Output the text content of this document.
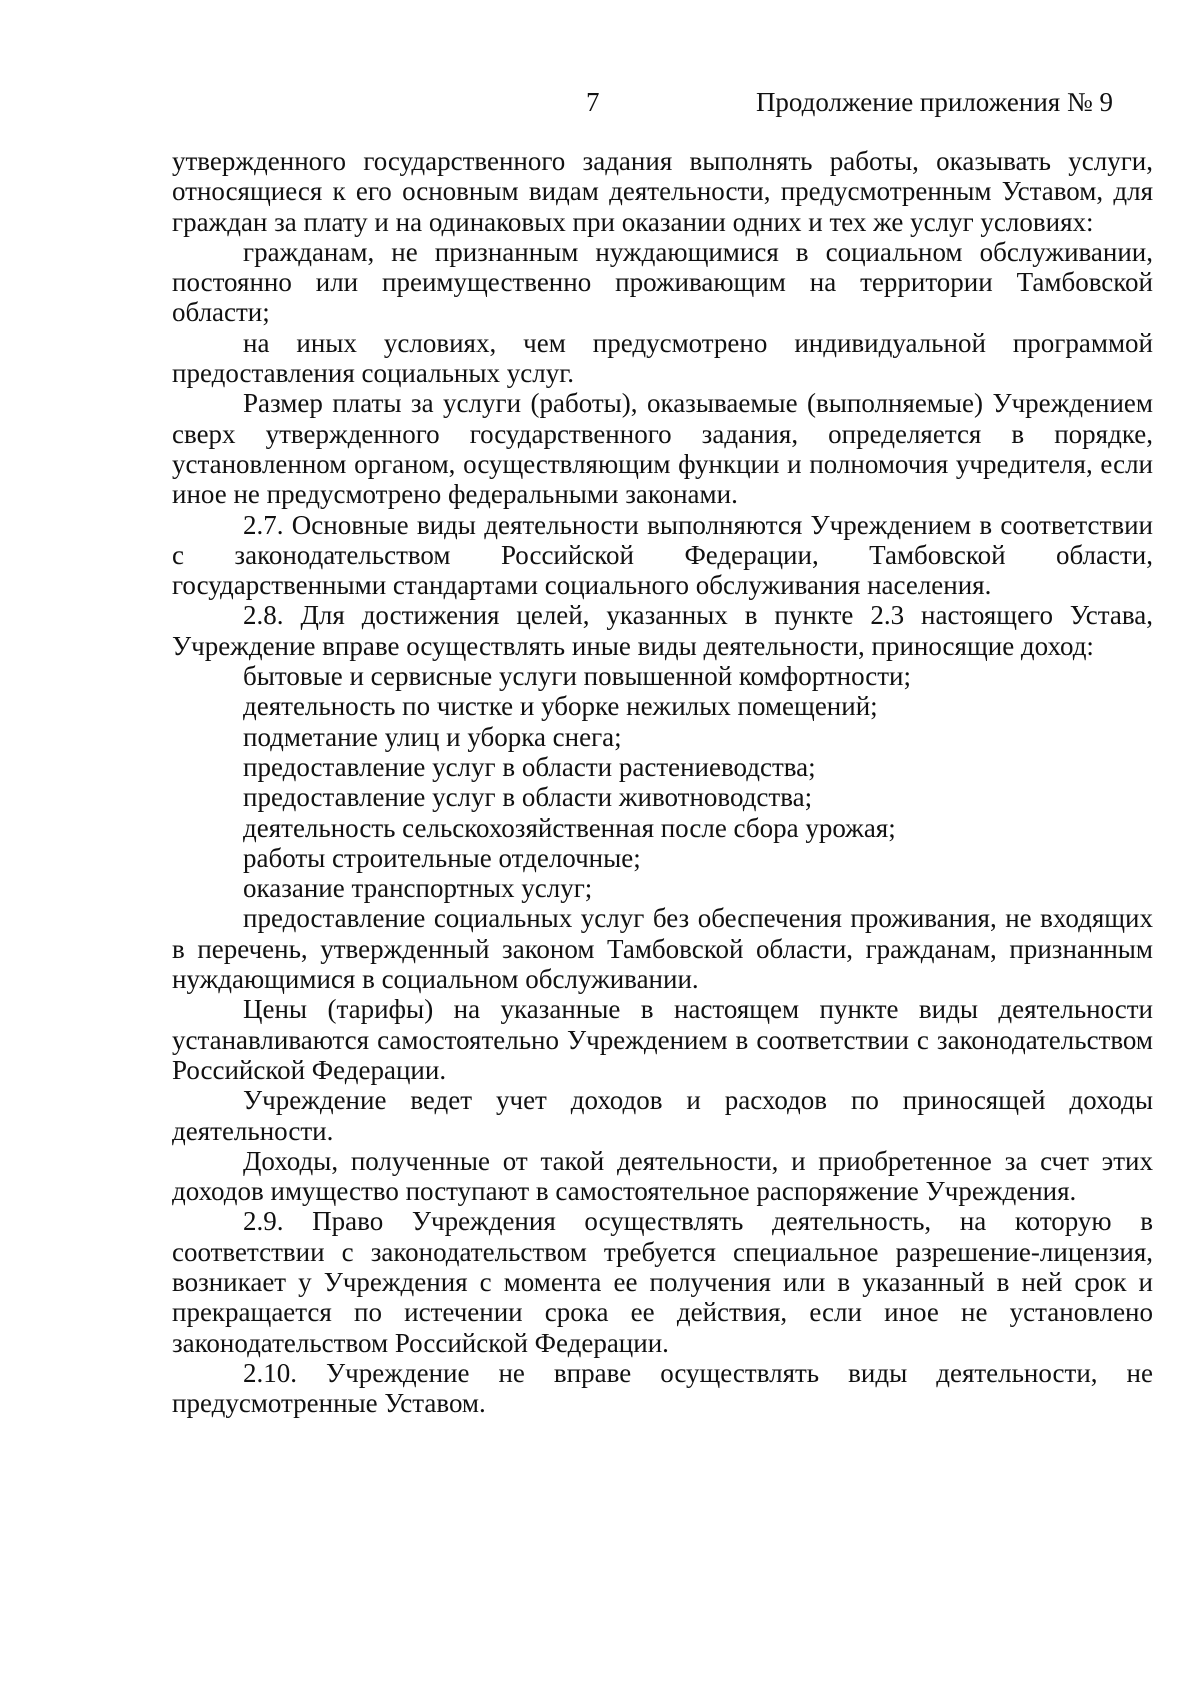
7	Продолжение приложения № 9

утвержденного государственного задания выполнять работы, оказывать услуги, относящиеся к его основным видам деятельности, предусмотренным Уставом, для граждан за плату и на одинаковых при оказании одних и тех же услуг условиях:

гражданам, не признанным нуждающимися в социальном обслуживании, постоянно или преимущественно проживающим на территории Тамбовской области;

на иных условиях, чем предусмотрено индивидуальной программой предоставления социальных услуг.

Размер платы за услуги (работы), оказываемые (выполняемые) Учреждением сверх утвержденного государственного задания, определяется в порядке, установленном органом, осуществляющим функции и полномочия учредителя, если иное не предусмотрено федеральными законами.

2.7. Основные виды деятельности выполняются Учреждением в соответствии с законодательством Российской Федерации, Тамбовской области, государственными стандартами социального обслуживания населения.

2.8. Для достижения целей, указанных в пункте 2.3 настоящего Устава, Учреждение вправе осуществлять иные виды деятельности, приносящие доход:

бытовые и сервисные услуги повышенной комфортности;

деятельность по чистке и уборке нежилых помещений;

подметание улиц и уборка снега;

предоставление услуг в области растениеводства;

предоставление услуг в области животноводства;

деятельность сельскохозяйственная после сбора урожая;

работы строительные отделочные;

оказание транспортных услуг;

предоставление социальных услуг без обеспечения проживания, не входящих в перечень, утвержденный законом Тамбовской области, гражданам, признанным нуждающимися в социальном обслуживании.

Цены (тарифы) на указанные в настоящем пункте виды деятельности устанавливаются самостоятельно Учреждением в соответствии с законодательством Российской Федерации.

Учреждение ведет учет доходов и расходов по приносящей доходы деятельности.

Доходы, полученные от такой деятельности, и приобретенное за счет этих доходов имущество поступают в самостоятельное распоряжение Учреждения.

2.9. Право Учреждения осуществлять деятельность, на которую в соответствии с законодательством требуется специальное разрешение-лицензия, возникает у Учреждения с момента ее получения или в указанный в ней срок и прекращается по истечении срока ее действия, если иное не установлено законодательством Российской Федерации.

2.10. Учреждение не вправе осуществлять виды деятельности, не предусмотренные Уставом.
